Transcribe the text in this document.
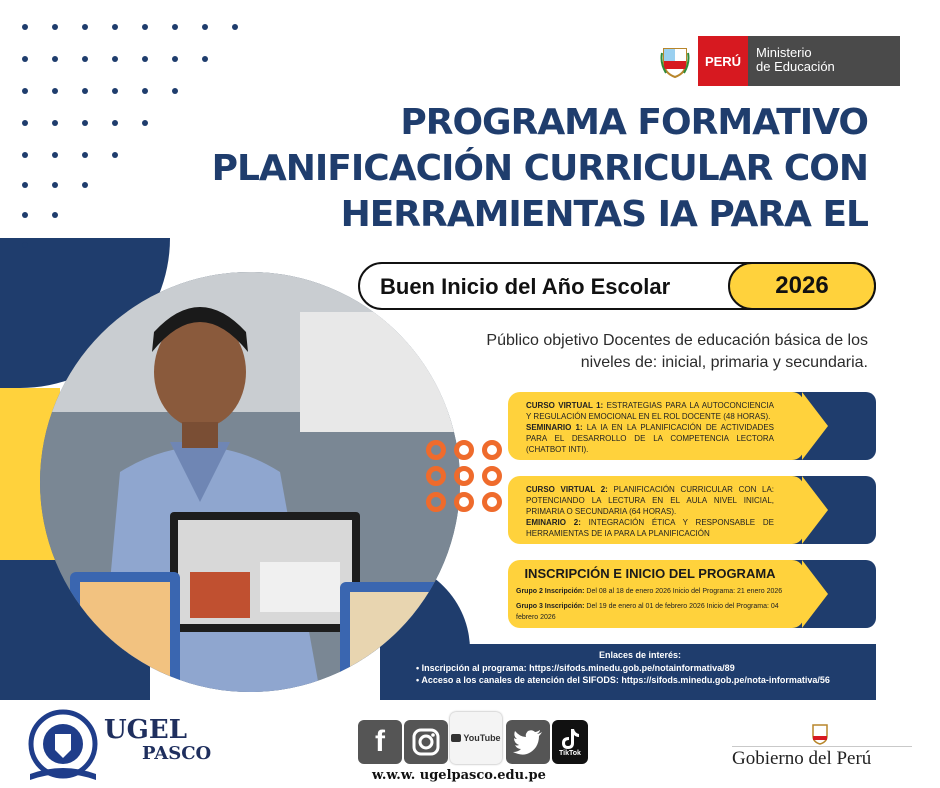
PERÚ
Ministerio
de Educación
PROGRAMA FORMATIVO
PLANIFICACIÓN CURRICULAR CON
HERRAMIENTAS IA PARA EL
Buen Inicio del Año Escolar	2026
Público objetivo Docentes de educación básica de los
niveles de: inicial, primaria y secundaria.
CURSO VIRTUAL 1: ESTRATEGIAS PARA LA AUTOCONCIENCIA Y REGULACIÓN EMOCIONAL EN EL ROL DOCENTE (48 HORAS).
SEMINARIO 1: LA IA EN LA PLANIFICACIÓN DE ACTIVIDADES PARA EL DESARROLLO DE LA COMPETENCIA LECTORA (CHATBOT INTI).
CURSO VIRTUAL 2: PLANIFICACIÓN CURRICULAR CON LA: POTENCIANDO LA LECTURA EN EL AULA NIVEL INICIAL, PRIMARIA O SECUNDARIA (64 HORAS).
EMINARIO 2: INTEGRACIÓN ÉTICA Y RESPONSABLE DE HERRAMIENTAS DE IA PARA LA PLANIFICACIÓN
INSCRIPCIÓN E INICIO DEL PROGRAMA
Grupo 2 Inscripción: Del 08 al 18 de enero 2026 Inicio del Programa: 21 enero 2026
Grupo 3 Inscripción: Del 19 de enero al 01 de febrero 2026 Inicio del Programa: 04 febrero 2026
Enlaces de interés:
• Inscripción al programa: https://sifods.minedu.gob.pe/notainformativa/89
• Acceso a los canales de atención del SIFODS: https://sifods.minedu.gob.pe/nota-informativa/56
UGEL
PASCO	f	YouTube
TikTok
w.w.w. ugelpasco.edu.pe
Gobierno del Perú
